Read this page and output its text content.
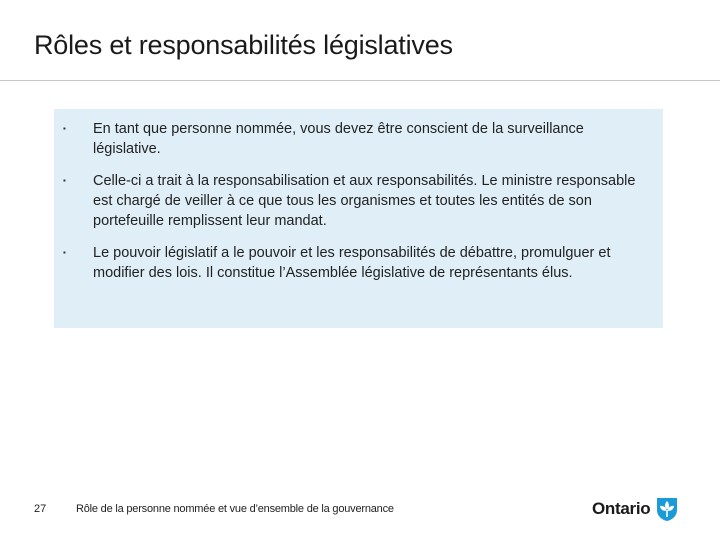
Rôles et responsabilités législatives
▪	En tant que personne nommée, vous devez être conscient de la surveillance législative.
▪	Celle-ci a trait à la responsabilisation et aux responsabilités. Le ministre responsable est chargé de veiller à ce que tous les organismes et toutes les entités de son portefeuille remplissent leur mandat.
▪	Le pouvoir législatif a le pouvoir et les responsabilités de débattre, promulguer et modifier des lois. Il constitue l’Assemblée législative de représentants élus.
27	Rôle de la personne nommée et vue d’ensemble de la gouvernance	Ontario
